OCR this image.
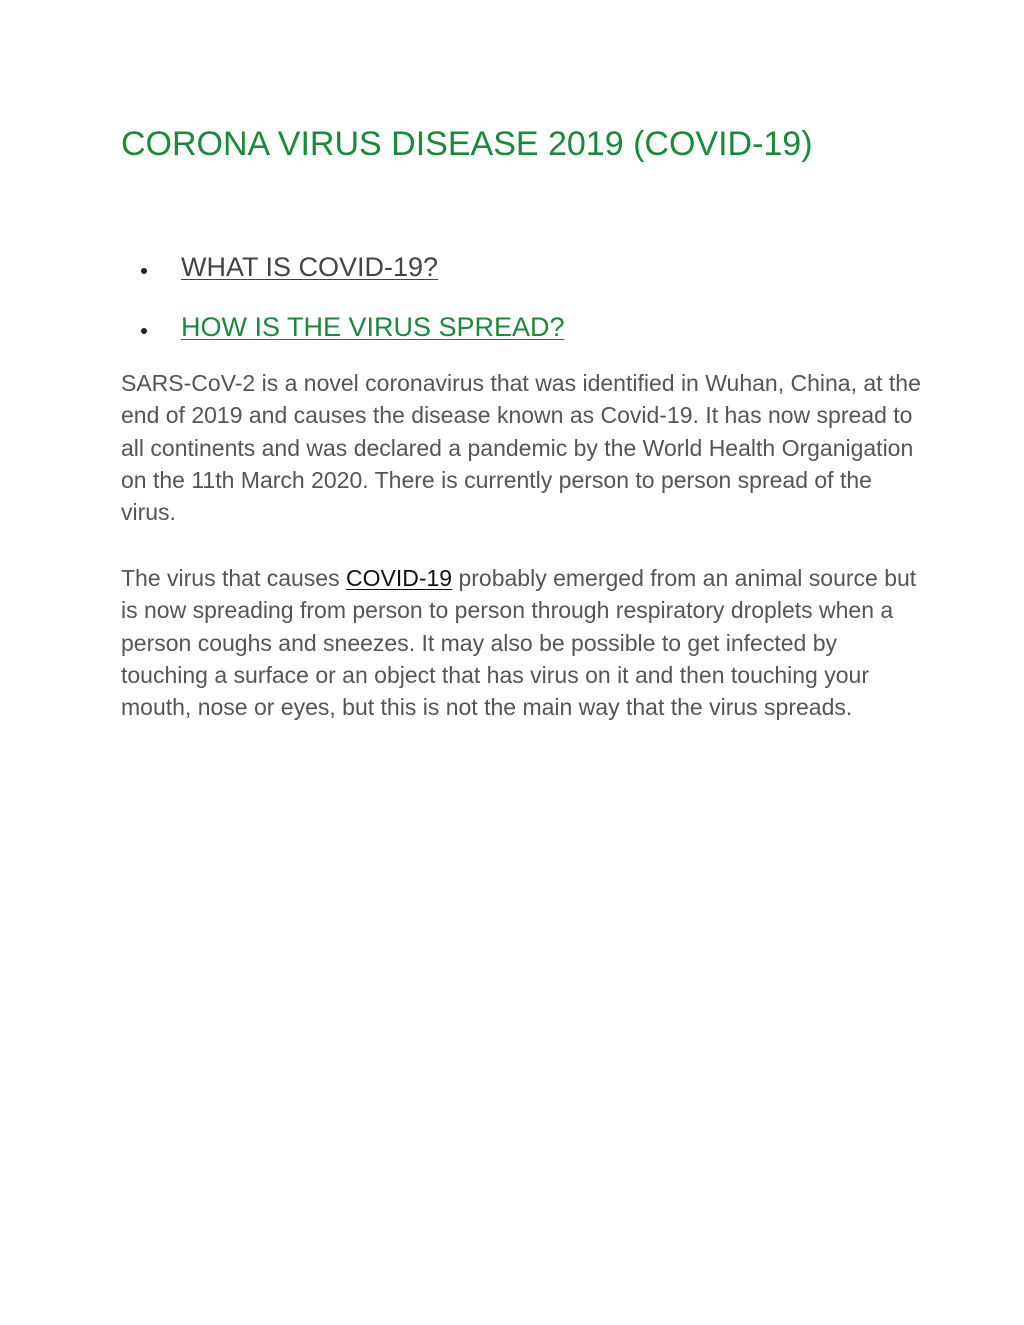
CORONA VIRUS DISEASE 2019 (COVID-19)
WHAT IS COVID-19?
HOW IS THE VIRUS SPREAD?

SARS-CoV-2 is a novel coronavirus that was identified in Wuhan, China, at the end of 2019 and causes the disease known as Covid-19. It has now spread to all continents and was declared a pandemic by the World Health Organigation on the 11th March 2020. There is currently person to person spread of the virus.

The virus that causes COVID-19 probably emerged from an animal source but is now spreading from person to person through respiratory droplets when a person coughs and sneezes. It may also be possible to get infected by touching a surface or an object that has virus on it and then touching your mouth, nose or eyes, but this is not the main way that the virus spreads.
